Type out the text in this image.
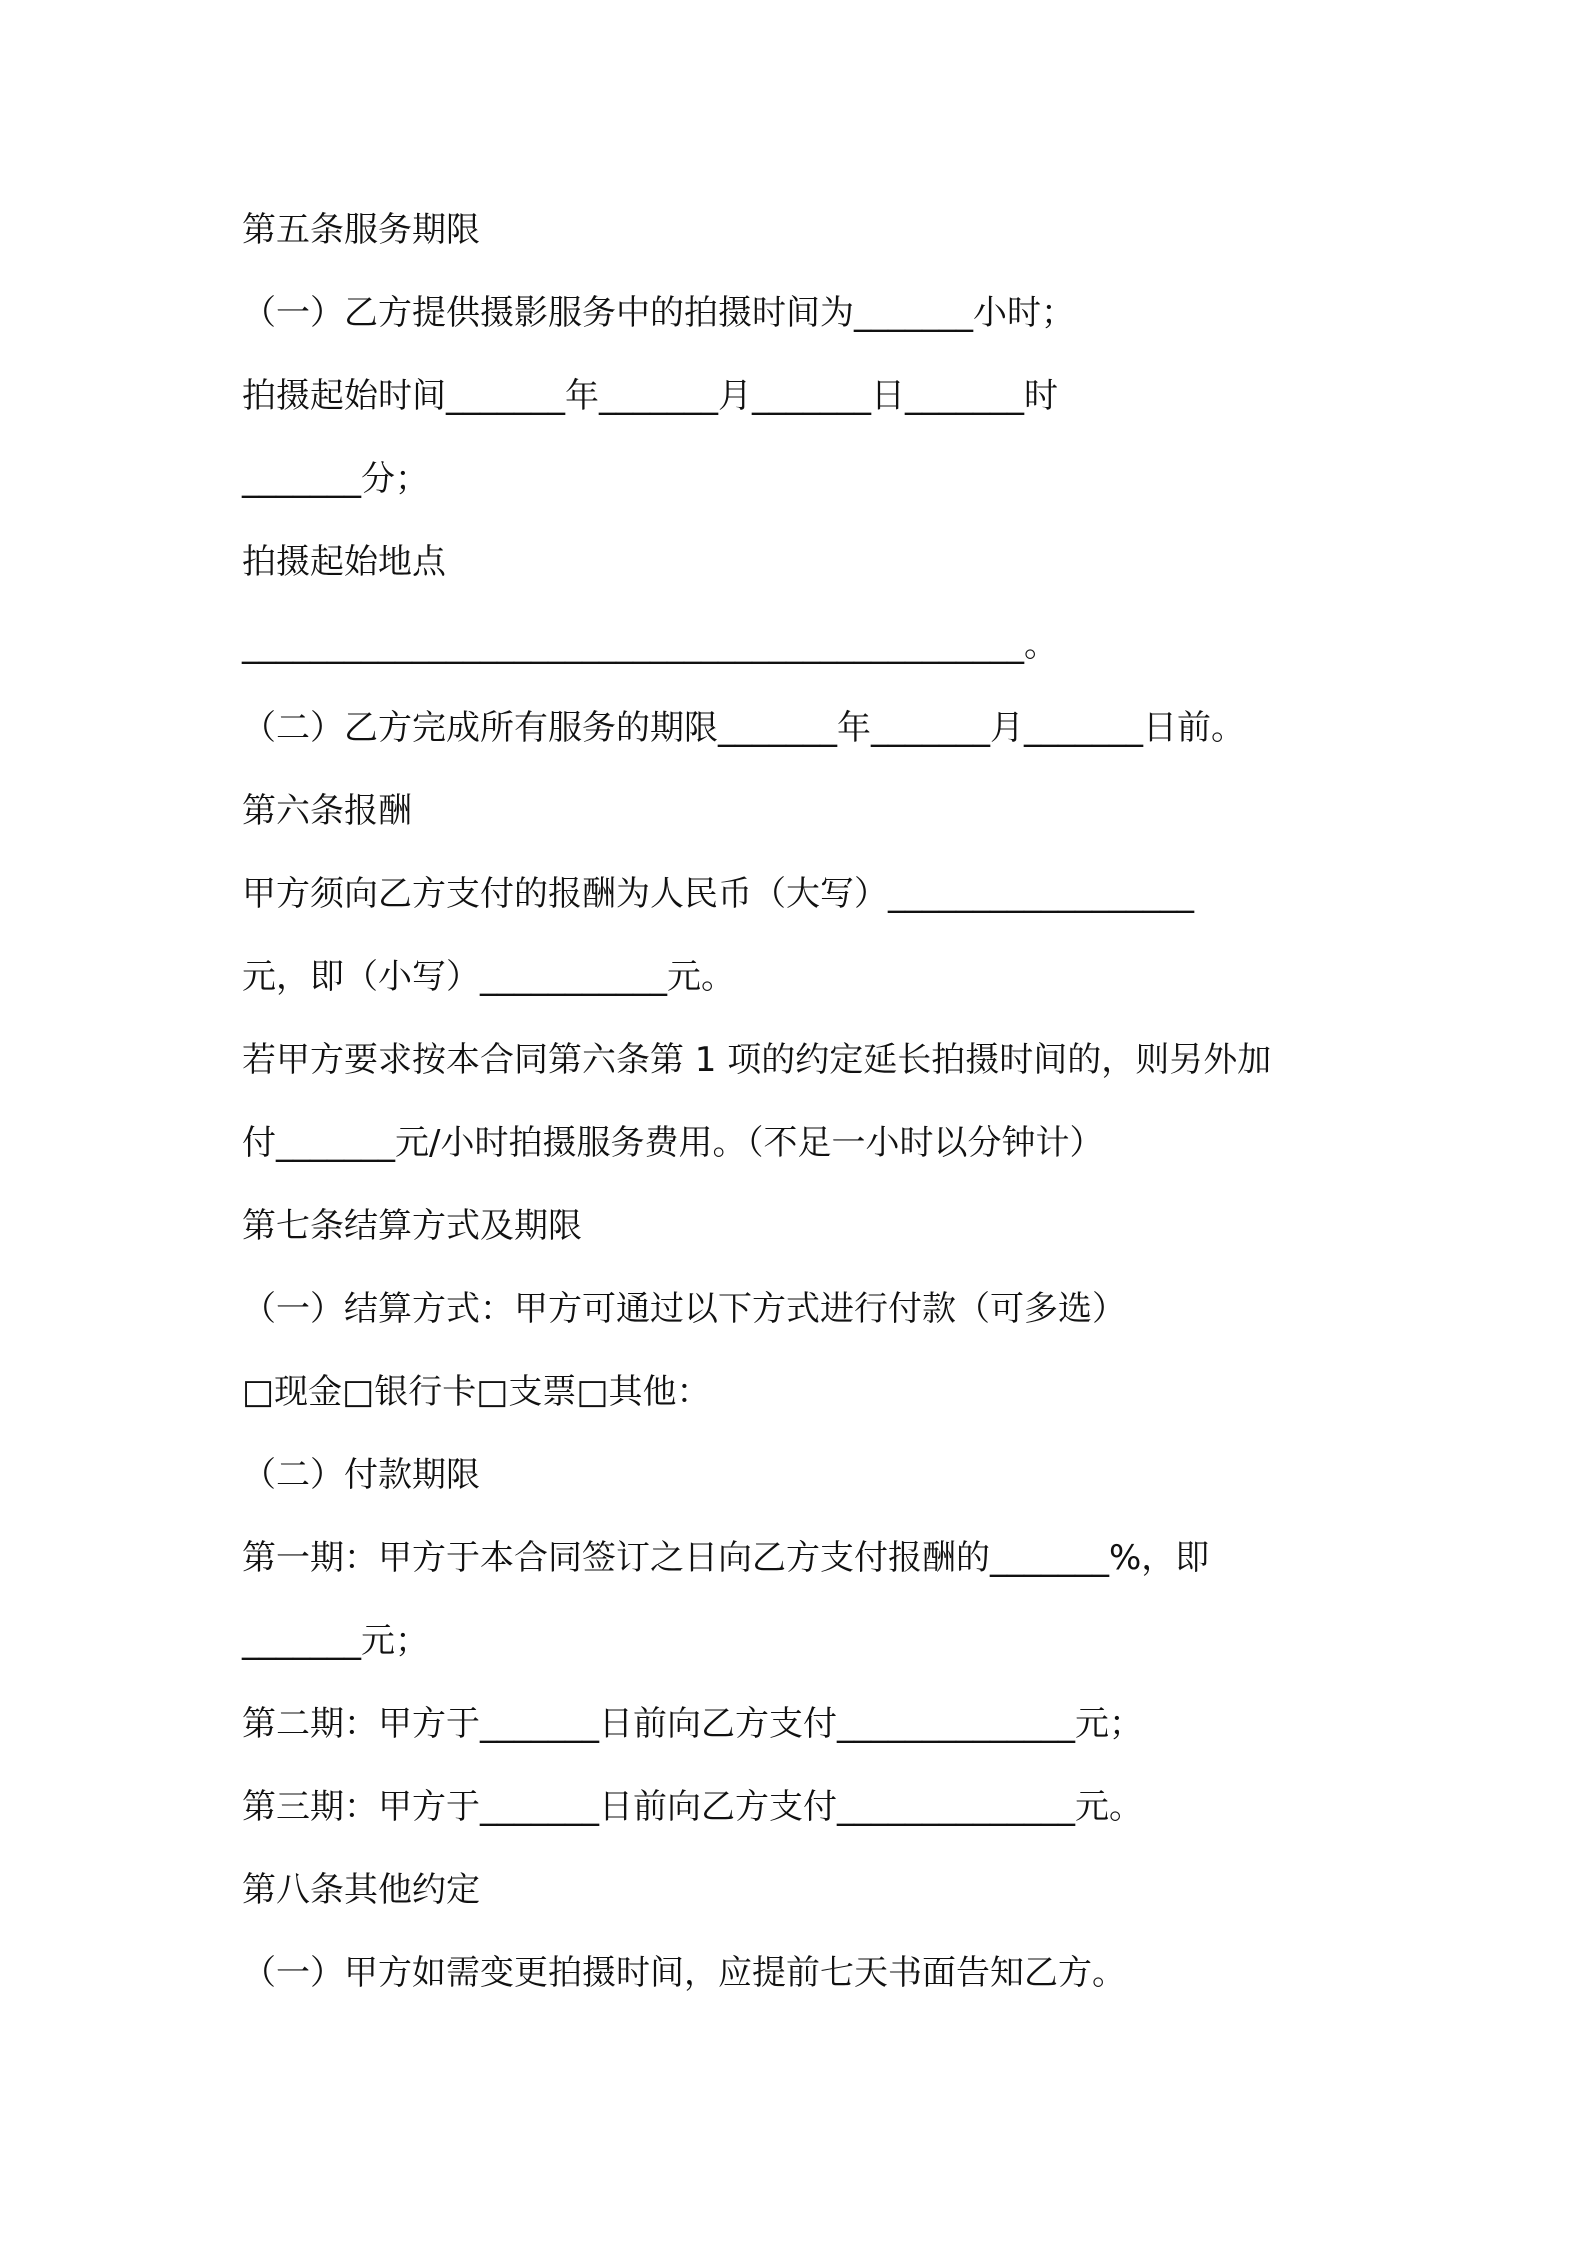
第五条服务期限

（一）乙方提供摄影服务中的拍摄时间为_______小时；

拍摄起始时间_______年_______月_______日_______时

_______分；

拍摄起始地点

______________________________________________。

（二）乙方完成所有服务的期限_______年_______月_______日前。

第六条报酬

甲方须向乙方支付的报酬为人民币（大写）__________________

元，即（小写）___________元。

若甲方要求按本合同第六条第 1 项的约定延长拍摄时间的，则另外加

付_______元/小时拍摄服务费用。（不足一小时以分钟计）

第七条结算方式及期限

（一）结算方式：甲方可通过以下方式进行付款（可多选）

□现金□银行卡□支票□其他：

（二）付款期限

第一期：甲方于本合同签订之日向乙方支付报酬的_______%，即

_______元；

第二期：甲方于_______日前向乙方支付______________元；

第三期：甲方于_______日前向乙方支付______________元。

第八条其他约定

（一）甲方如需变更拍摄时间，应提前七天书面告知乙方。
